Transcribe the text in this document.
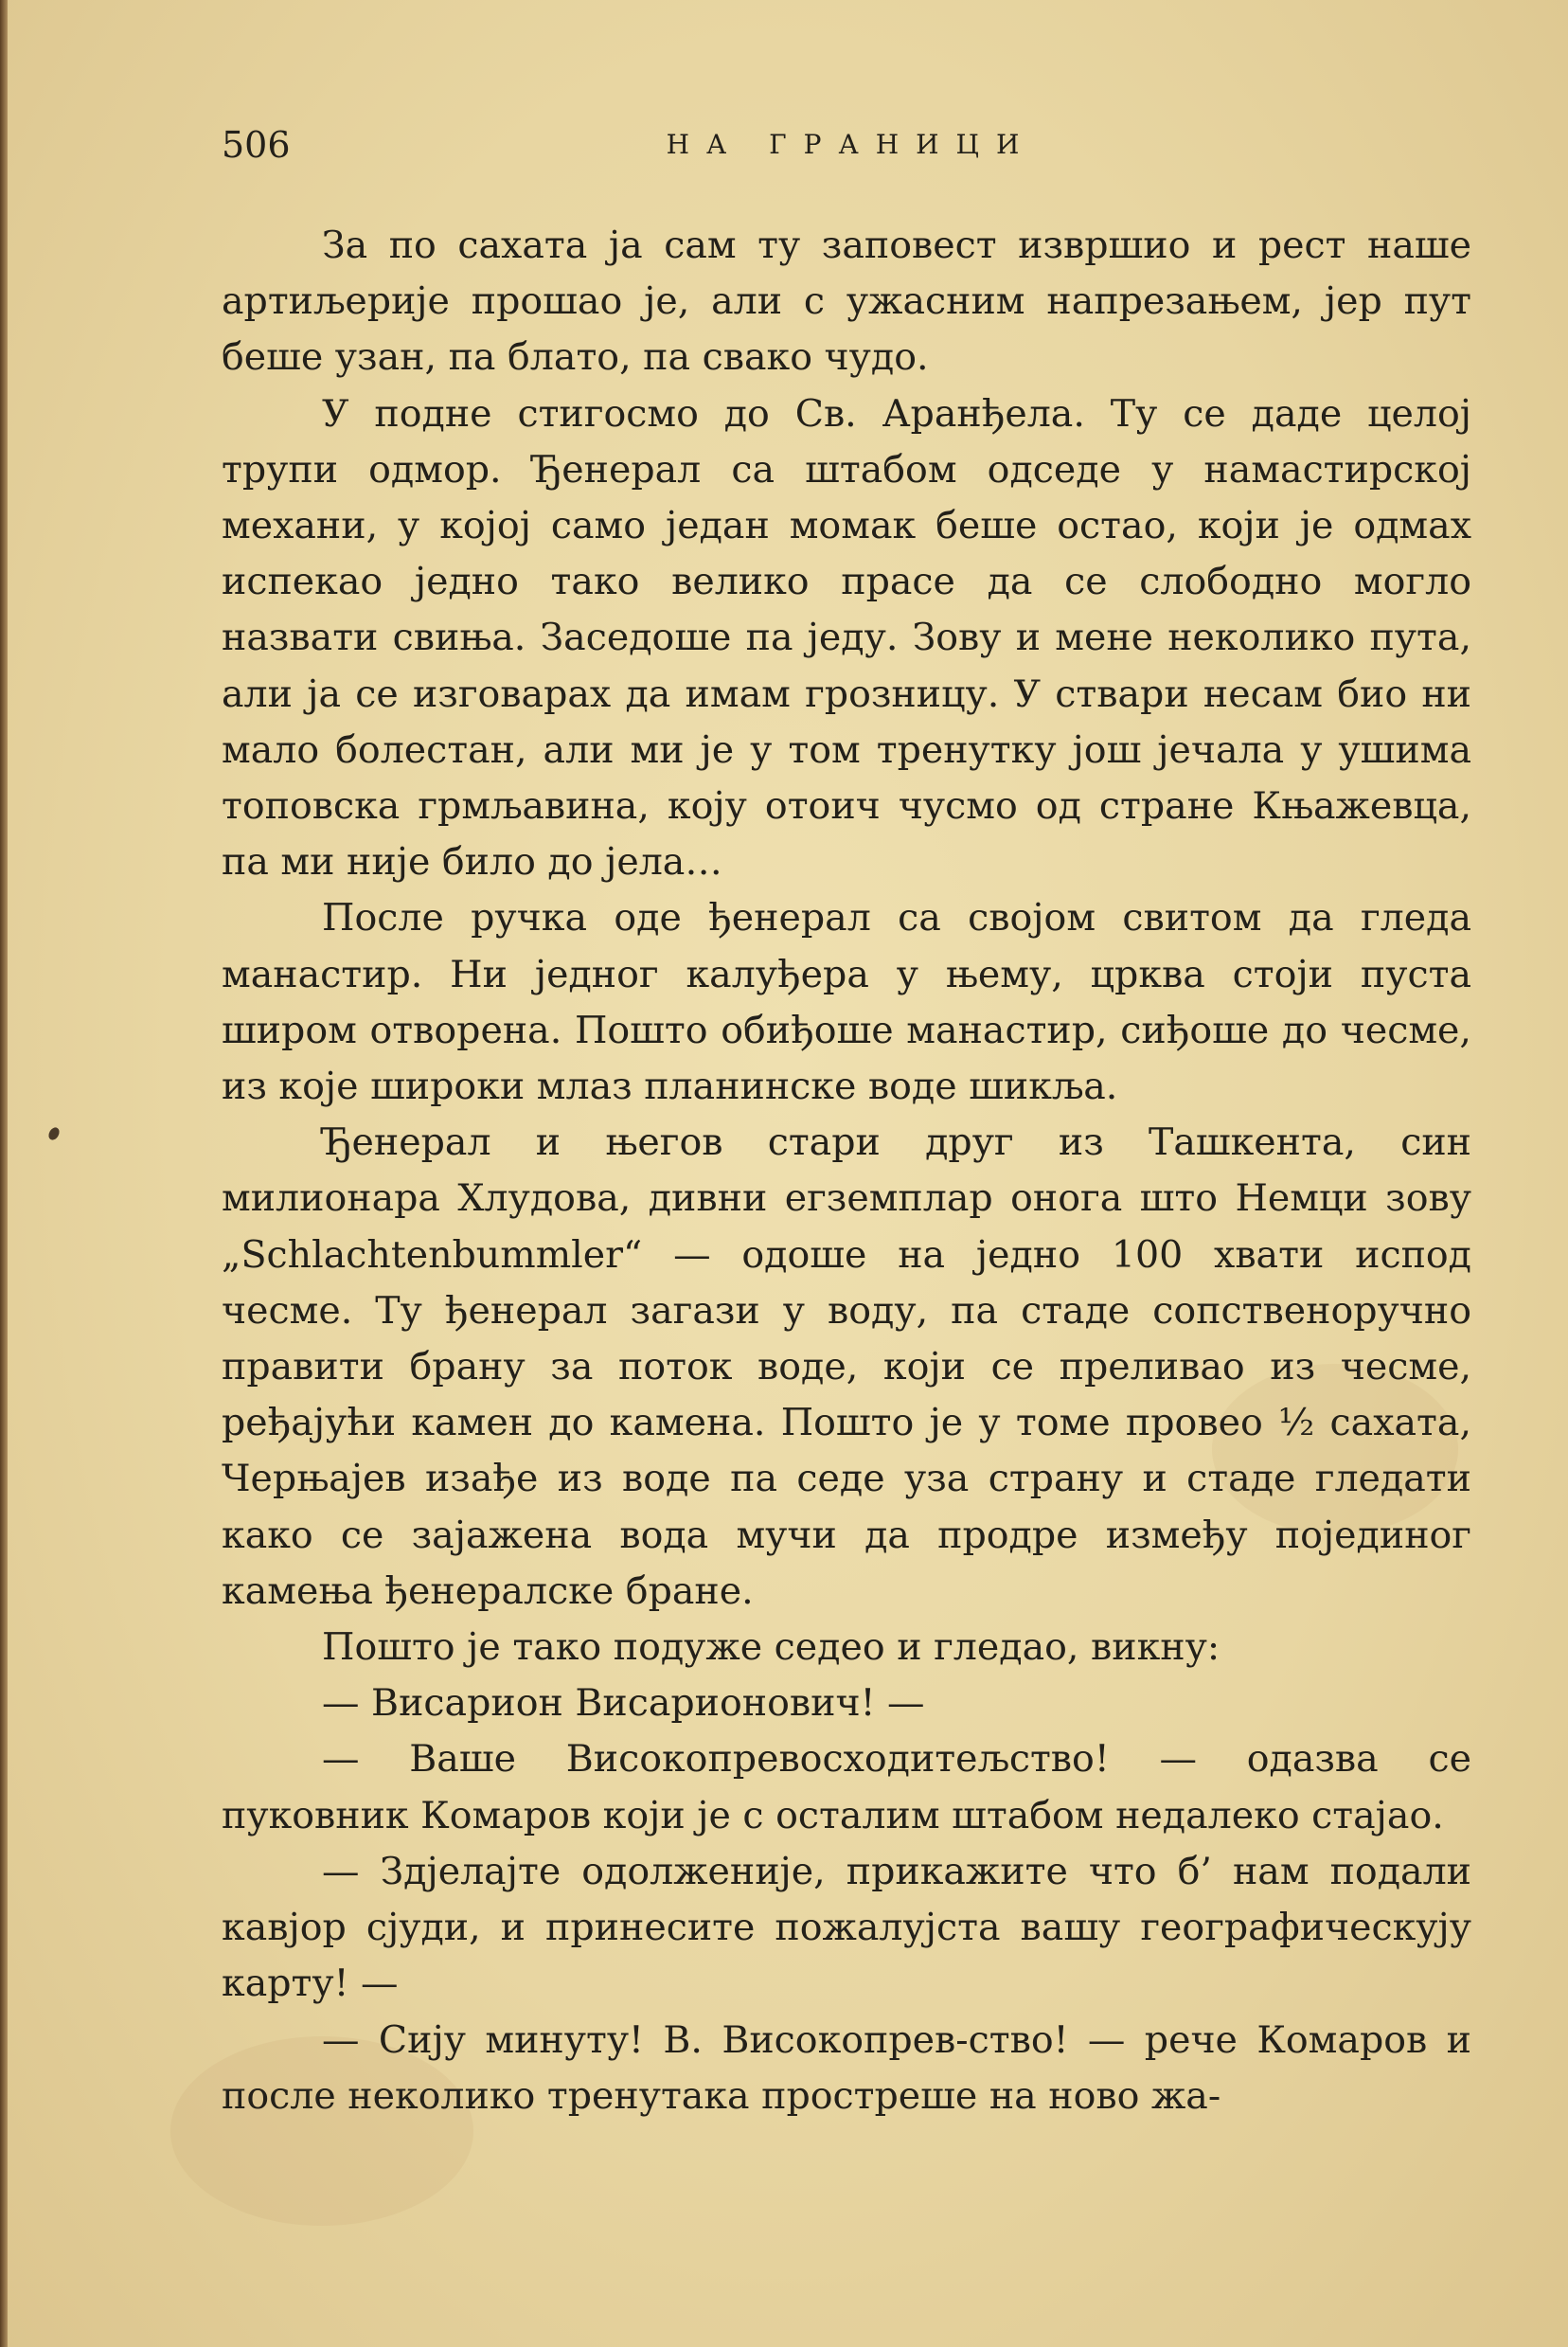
506	НА ГРАНИЦИ

За по сахата ја сам ту заповест извршио и рест наше артиљерије прошао је, али с ужасним напрезањем, јер пут беше узан, па блато, па свако чудо.

У подне стигосмо до Св. Аранђела. Ту се даде целој трупи одмор. Ђенерал са штабом одседе у намастирској механи, у којој само један момак беше остао, који је одмах испекао једно тако велико прасе да се слободно могло назвати свиња. Заседоше па једу. Зову и мене неколико пута, али ја се изговарах да имам грозницу. У ствари несам био ни мало болестан, али ми је у том тренутку још јечала у ушима топовска грмљавина, коју отоич чусмо од стране Књажевца, па ми није било до јела…

После ручка оде ђенерал са својом свитом да гледа манастир. Ни једног калуђера у њему, црква стоји пуста широм отворена. Пошто обиђоше манастир, сиђоше до чесме, из које широки млаз планинске воде шикља.

Ђенерал и његов стари друг из Ташкента, син милионара Хлудова, дивни егземплар онога што Немци зову „Schlachtenbummler“ — одоше на једно 100 хвати испод чесме. Ту ђенерал загази у воду, па стаде сопственоручно правити брану за поток воде, који се преливао из чесме, ређајући камен до камена. Пошто је у томе провео ½ сахата, Черњајев изађе из воде па седе уза страну и стаде гледати како се зајажена вода мучи да продре између појединог камења ђенералске бране.

Пошто је тако подуже седео и гледао, викну:

— Висарион Висарионович! —

— Ваше Високопревосходитељство! — одазва се пуковник Комаров који је с осталим штабом недалеко стајао.

— Здјелајте одолженије, прикажите что б’ нам подали кавјор сјуди, и принесите пожалујста вашу географическују карту! —

— Сију минуту! В. Високопрев-ство! — рече Комаров и после неколико тренутака простреше на ново жа-
